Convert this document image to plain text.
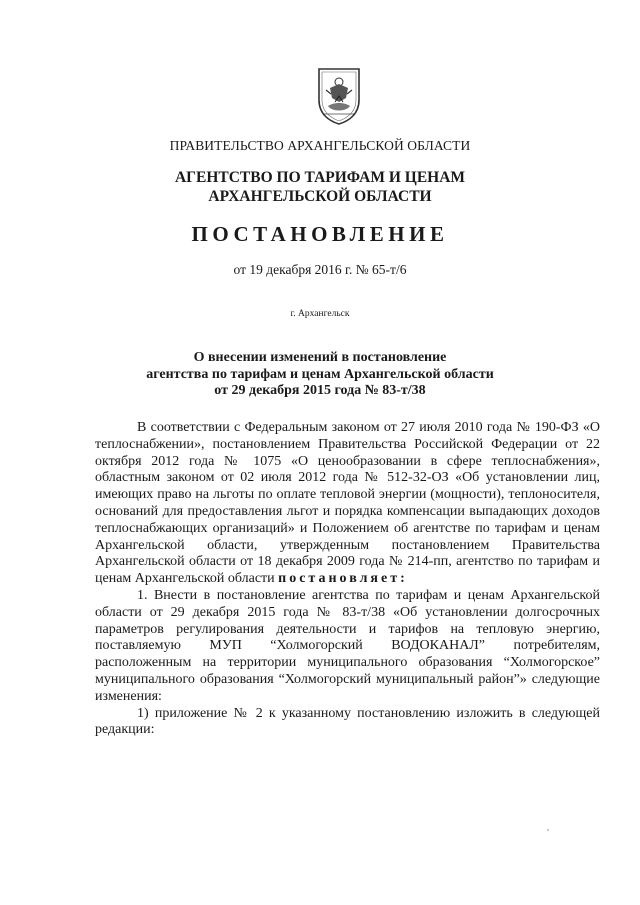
ПРАВИТЕЛЬСТВО АРХАНГЕЛЬСКОЙ ОБЛАСТИ
АГЕНТСТВО ПО ТАРИФАМ И ЦЕНАМ
АРХАНГЕЛЬСКОЙ ОБЛАСТИ
ПОСТАНОВЛЕНИЕ
от 19 декабря 2016 г. № 65-т/6
г. Архангельск
О внесении изменений в постановление
агентства по тарифам и ценам Архангельской области
от 29 декабря 2015 года № 83-т/38

В соответствии с Федеральным законом от 27 июля 2010 года № 190-ФЗ «О теплоснабжении», постановлением Правительства Российской Федерации от 22 октября 2012 года № 1075 «О ценообразовании в сфере теплоснабжения», областным законом от 02 июля 2012 года № 512-32-ОЗ «Об установлении лиц, имеющих право на льготы по оплате тепловой энергии (мощности), теплоносителя, оснований для предоставления льгот и порядка компенсации выпадающих доходов теплоснабжающих организаций» и Положением об агентстве по тарифам и ценам Архангельской области, утвержденным постановлением Правительства Архангельской области от 18 декабря 2009 года № 214-пп, агентство по тарифам и ценам Архангельской области постановляет:

1. Внести в постановление агентства по тарифам и ценам Архангельской области от 29 декабря 2015 года № 83-т/38 «Об установлении долгосрочных параметров регулирования деятельности и тарифов на тепловую энергию, поставляемую МУП “Холмогорский ВОДОКАНАЛ” потребителям, расположенным на территории муниципального образования “Холмогорское” муниципального образования “Холмогорский муниципальный район”» следующие изменения:

1) приложение № 2 к указанному постановлению изложить в следующей редакции:
